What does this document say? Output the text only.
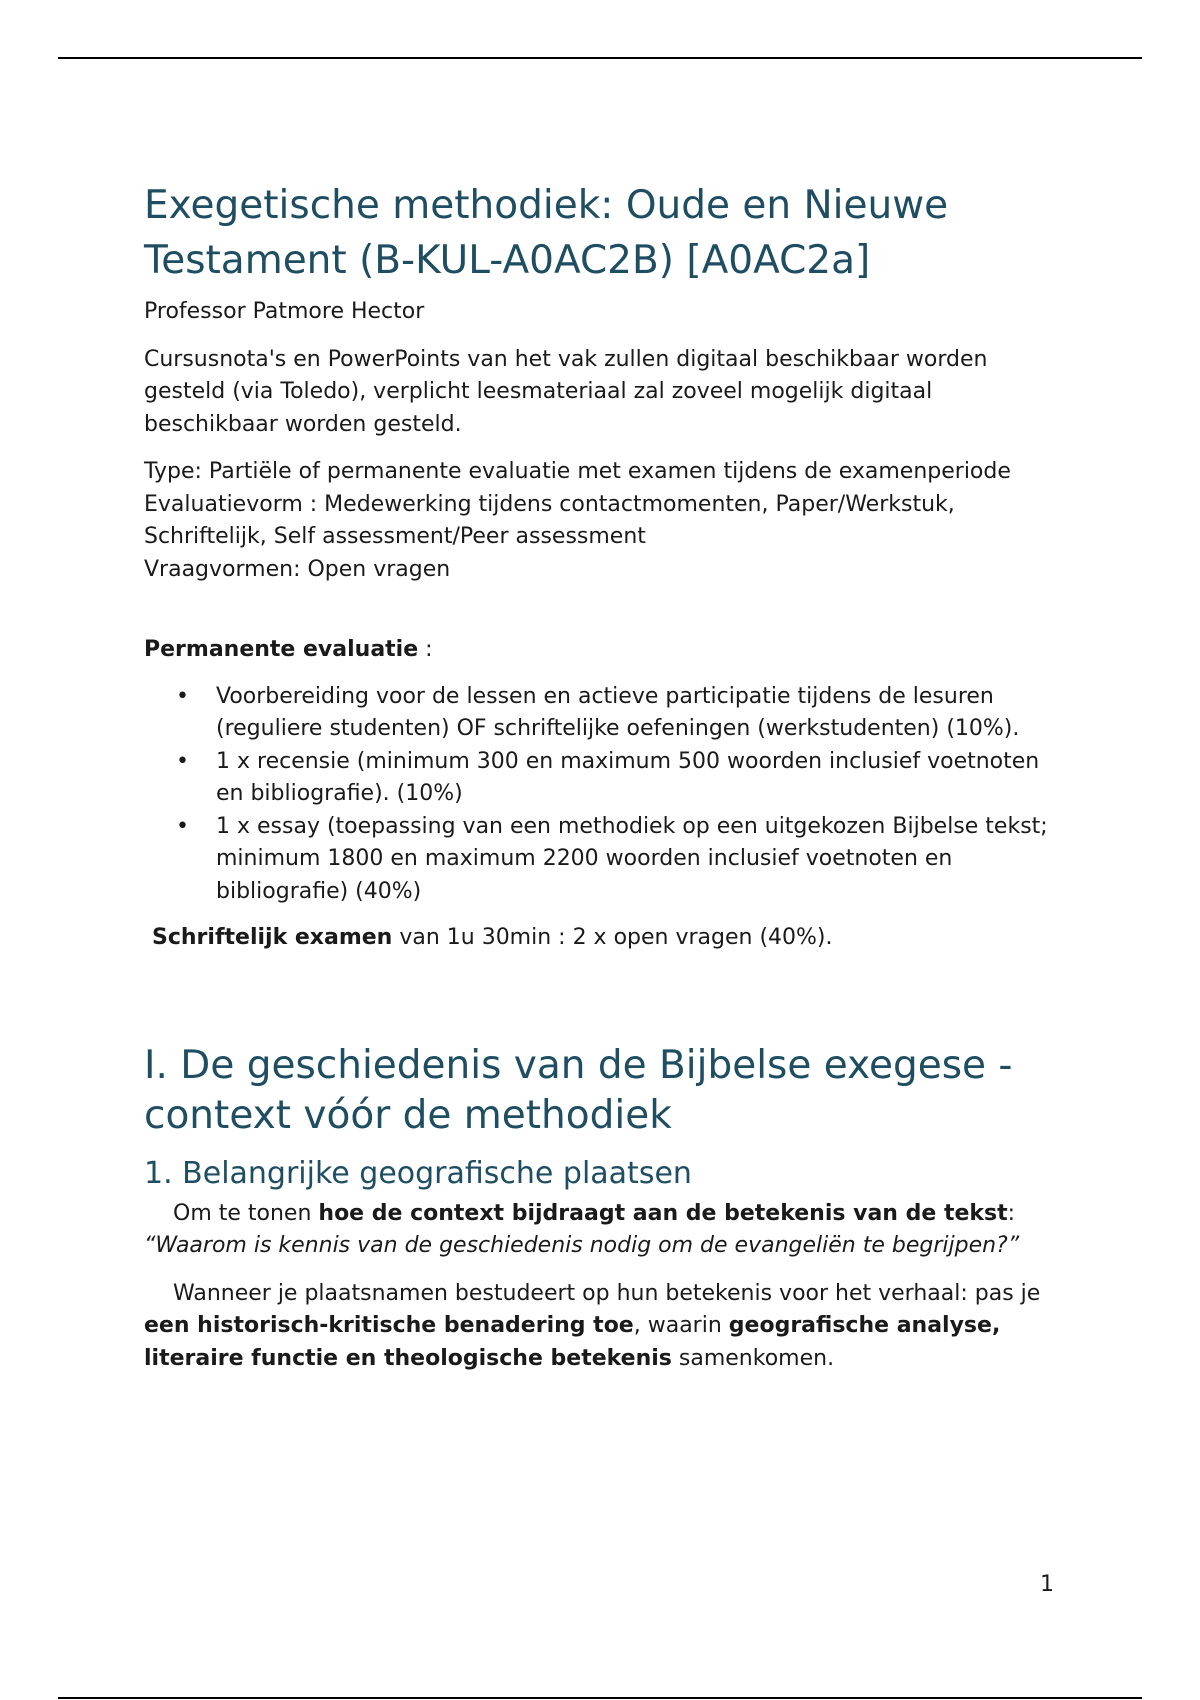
Exegetische methodiek: Oude en Nieuwe Testament (B-KUL-A0AC2B) [A0AC2a]

Professor Patmore Hector

Cursusnota's en PowerPoints van het vak zullen digitaal beschikbaar worden gesteld (via Toledo), verplicht leesmateriaal zal zoveel mogelijk digitaal beschikbaar worden gesteld.

Type: Partiële of permanente evaluatie met examen tijdens de examenperiode

Evaluatievorm : Medewerking tijdens contactmomenten, Paper/Werkstuk, Schriftelijk, Self assessment/Peer assessment

Vraagvormen: Open vragen

Permanente evaluatie :

• Voorbereiding voor de lessen en actieve participatie tijdens de lesuren (reguliere studenten) OF schriftelijke oefeningen (werkstudenten) (10%).
• 1 x recensie (minimum 300 en maximum 500 woorden inclusief voetnoten en bibliografie). (10%)
• 1 x essay (toepassing van een methodiek op een uitgekozen Bijbelse tekst; minimum 1800 en maximum 2200 woorden inclusief voetnoten en bibliografie) (40%)

Schriftelijk examen van 1u 30min : 2 x open vragen (40%).

I. De geschiedenis van de Bijbelse exegese - context vóór de methodiek
1. Belangrijke geografische plaatsen

Om te tonen hoe de context bijdraagt aan de betekenis van de tekst: “Waarom is kennis van de geschiedenis nodig om de evangeliën te begrijpen?”

Wanneer je plaatsnamen bestudeert op hun betekenis voor het verhaal: pas je een historisch-kritische benadering toe, waarin geografische analyse, literaire functie en theologische betekenis samenkomen.

1
